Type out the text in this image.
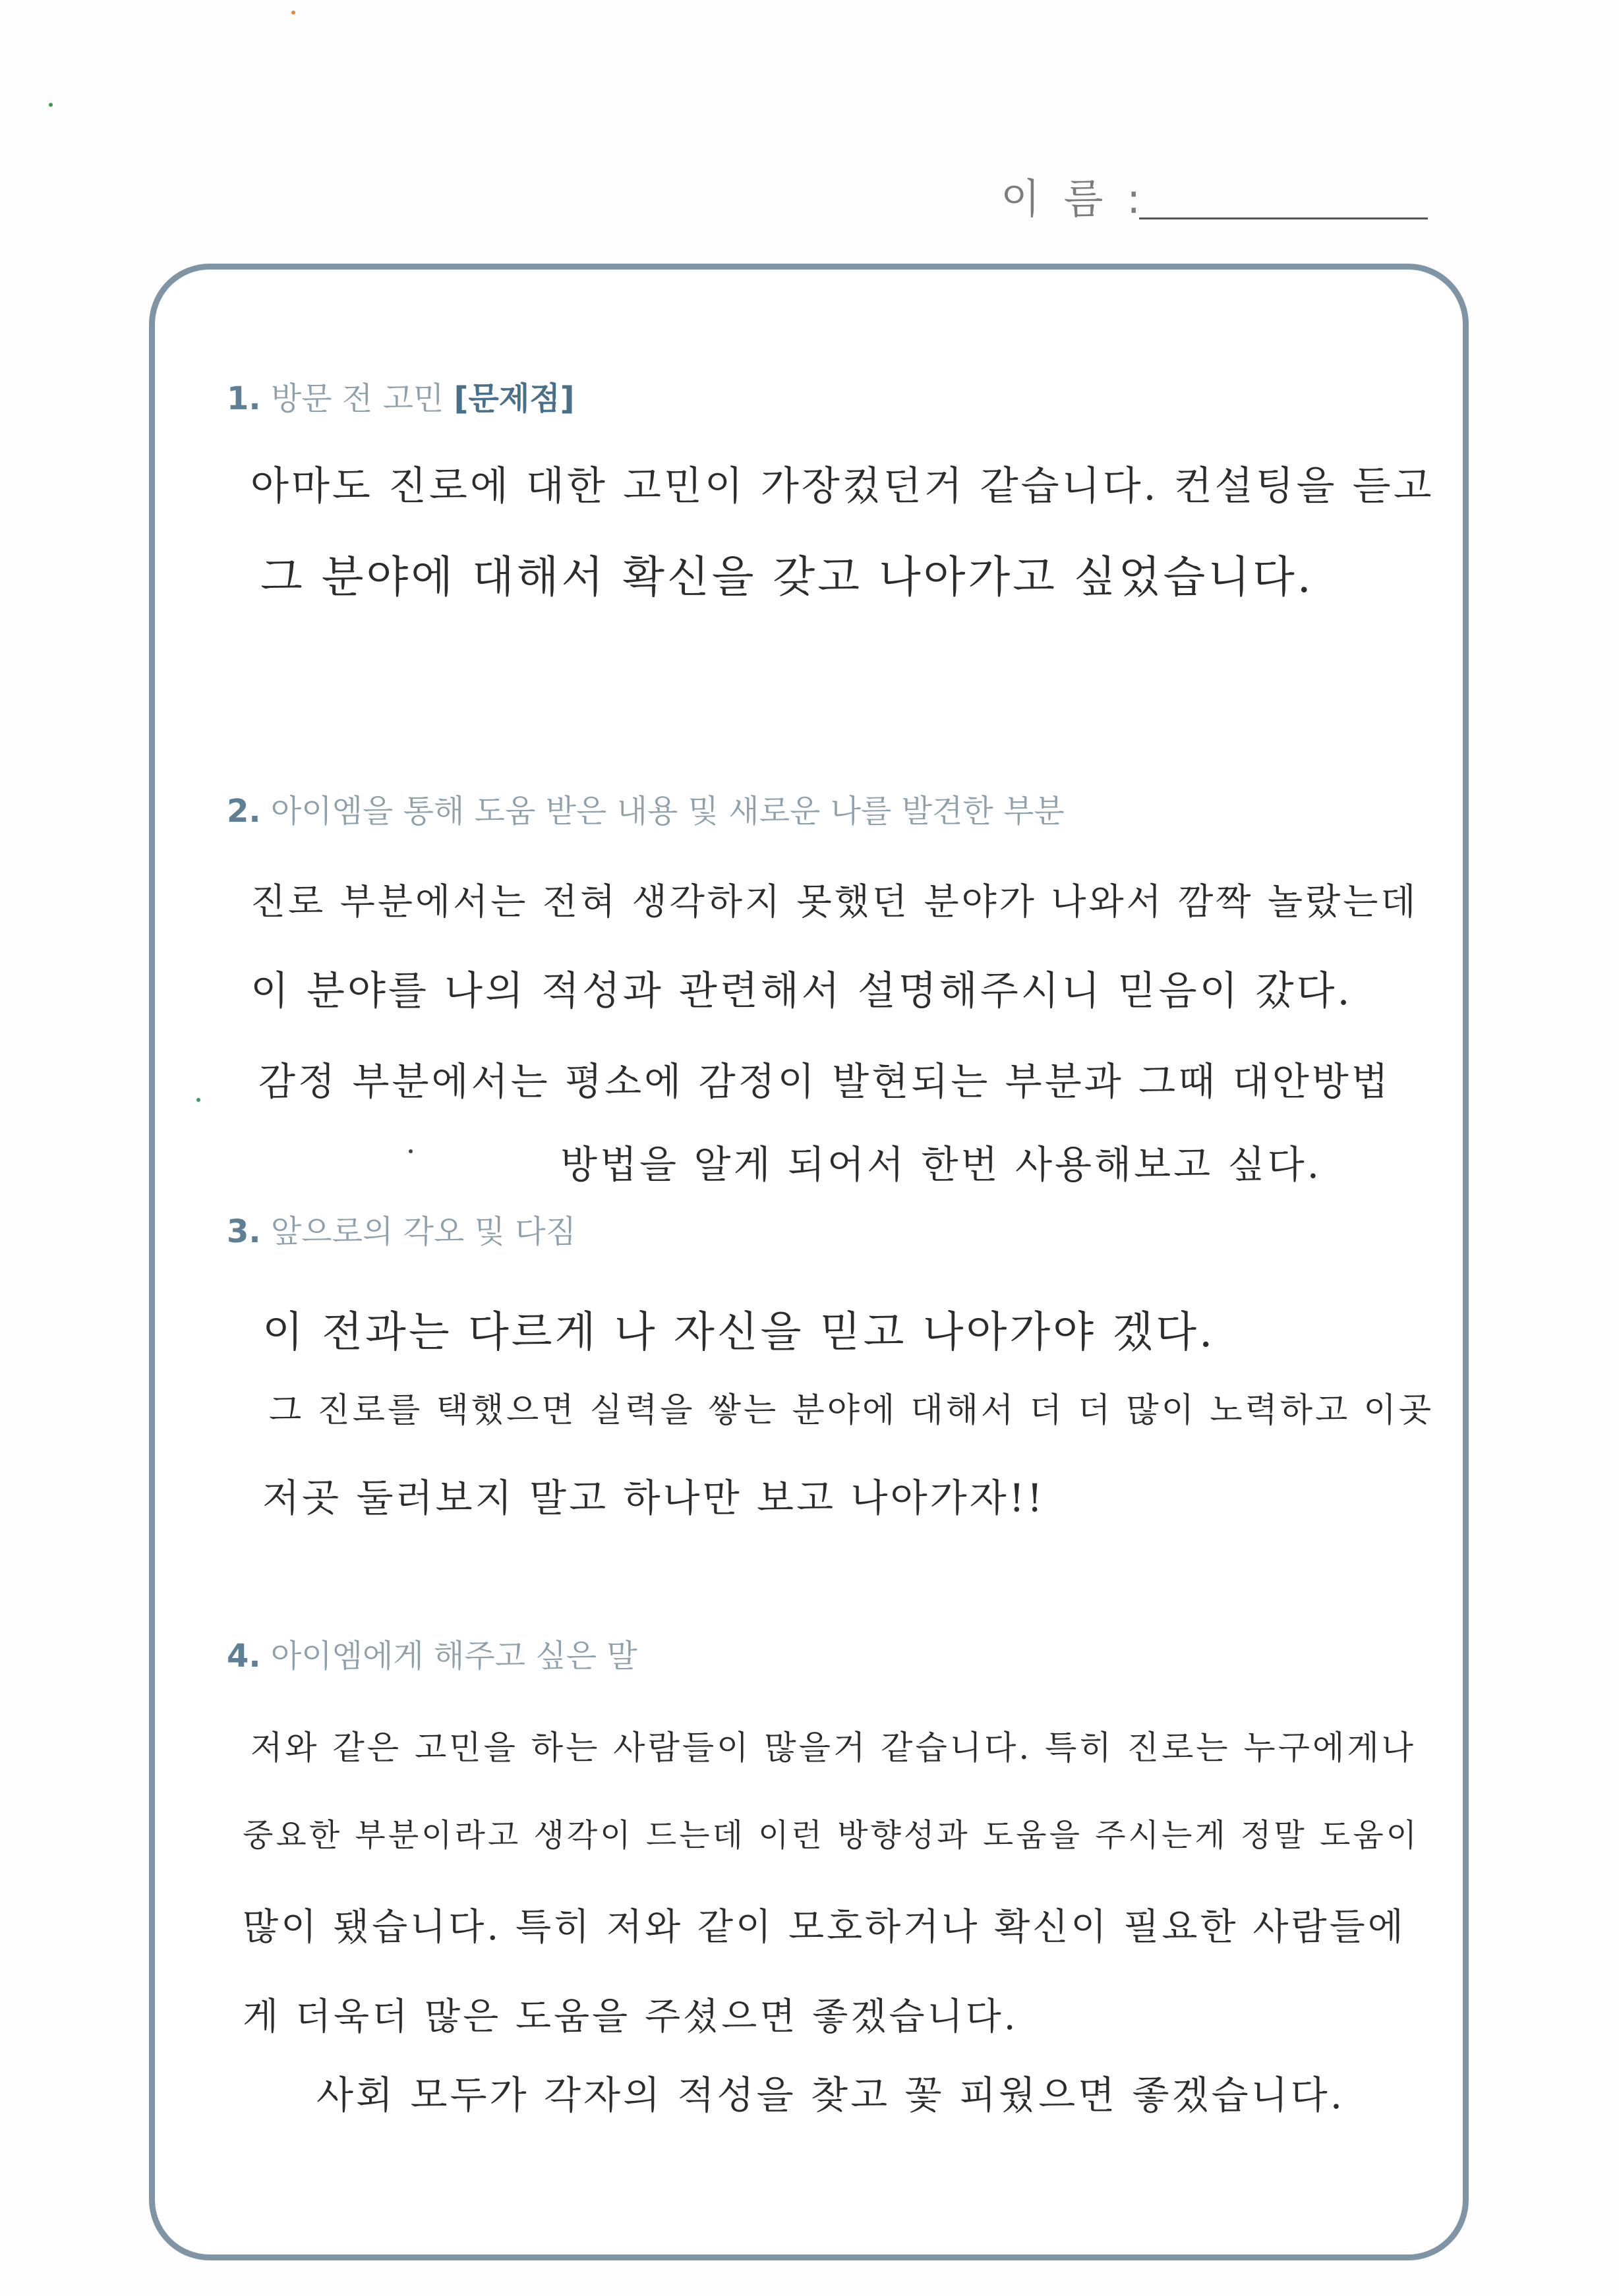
이 름 :
1. 방문 전 고민 [문제점]
아마도 진로에 대한 고민이 가장컸던거 같습니다. 컨설팅을 듣고
그 분야에 대해서 확신을 갖고 나아가고 싶었습니다.
2. 아이엠을 통해 도움 받은 내용 및 새로운 나를 발견한 부분
진로 부분에서는 전혀 생각하지 못했던 분야가 나와서 깜짝 놀랐는데
이 분야를 나의 적성과 관련해서 설명해주시니 믿음이 갔다.
감정 부분에서는 평소에 감정이 발현되는 부분과 그때 대안방법
방법을 알게 되어서 한번 사용해보고 싶다.
3. 앞으로의 각오 및 다짐
이 전과는 다르게 나 자신을 믿고 나아가야 겠다.
그 진로를 택했으면 실력을 쌓는 분야에 대해서 더 더 많이 노력하고 이곳
저곳 둘러보지 말고 하나만 보고 나아가자!!
4. 아이엠에게 해주고 싶은 말
저와 같은 고민을 하는 사람들이 많을거 같습니다. 특히 진로는 누구에게나
중요한 부분이라고 생각이 드는데 이런 방향성과 도움을 주시는게 정말 도움이
많이 됐습니다. 특히 저와 같이 모호하거나 확신이 필요한 사람들에
게 더욱더 많은 도움을 주셨으면 좋겠습니다.
사회 모두가 각자의 적성을 찾고 꽃 피웠으면 좋겠습니다.
